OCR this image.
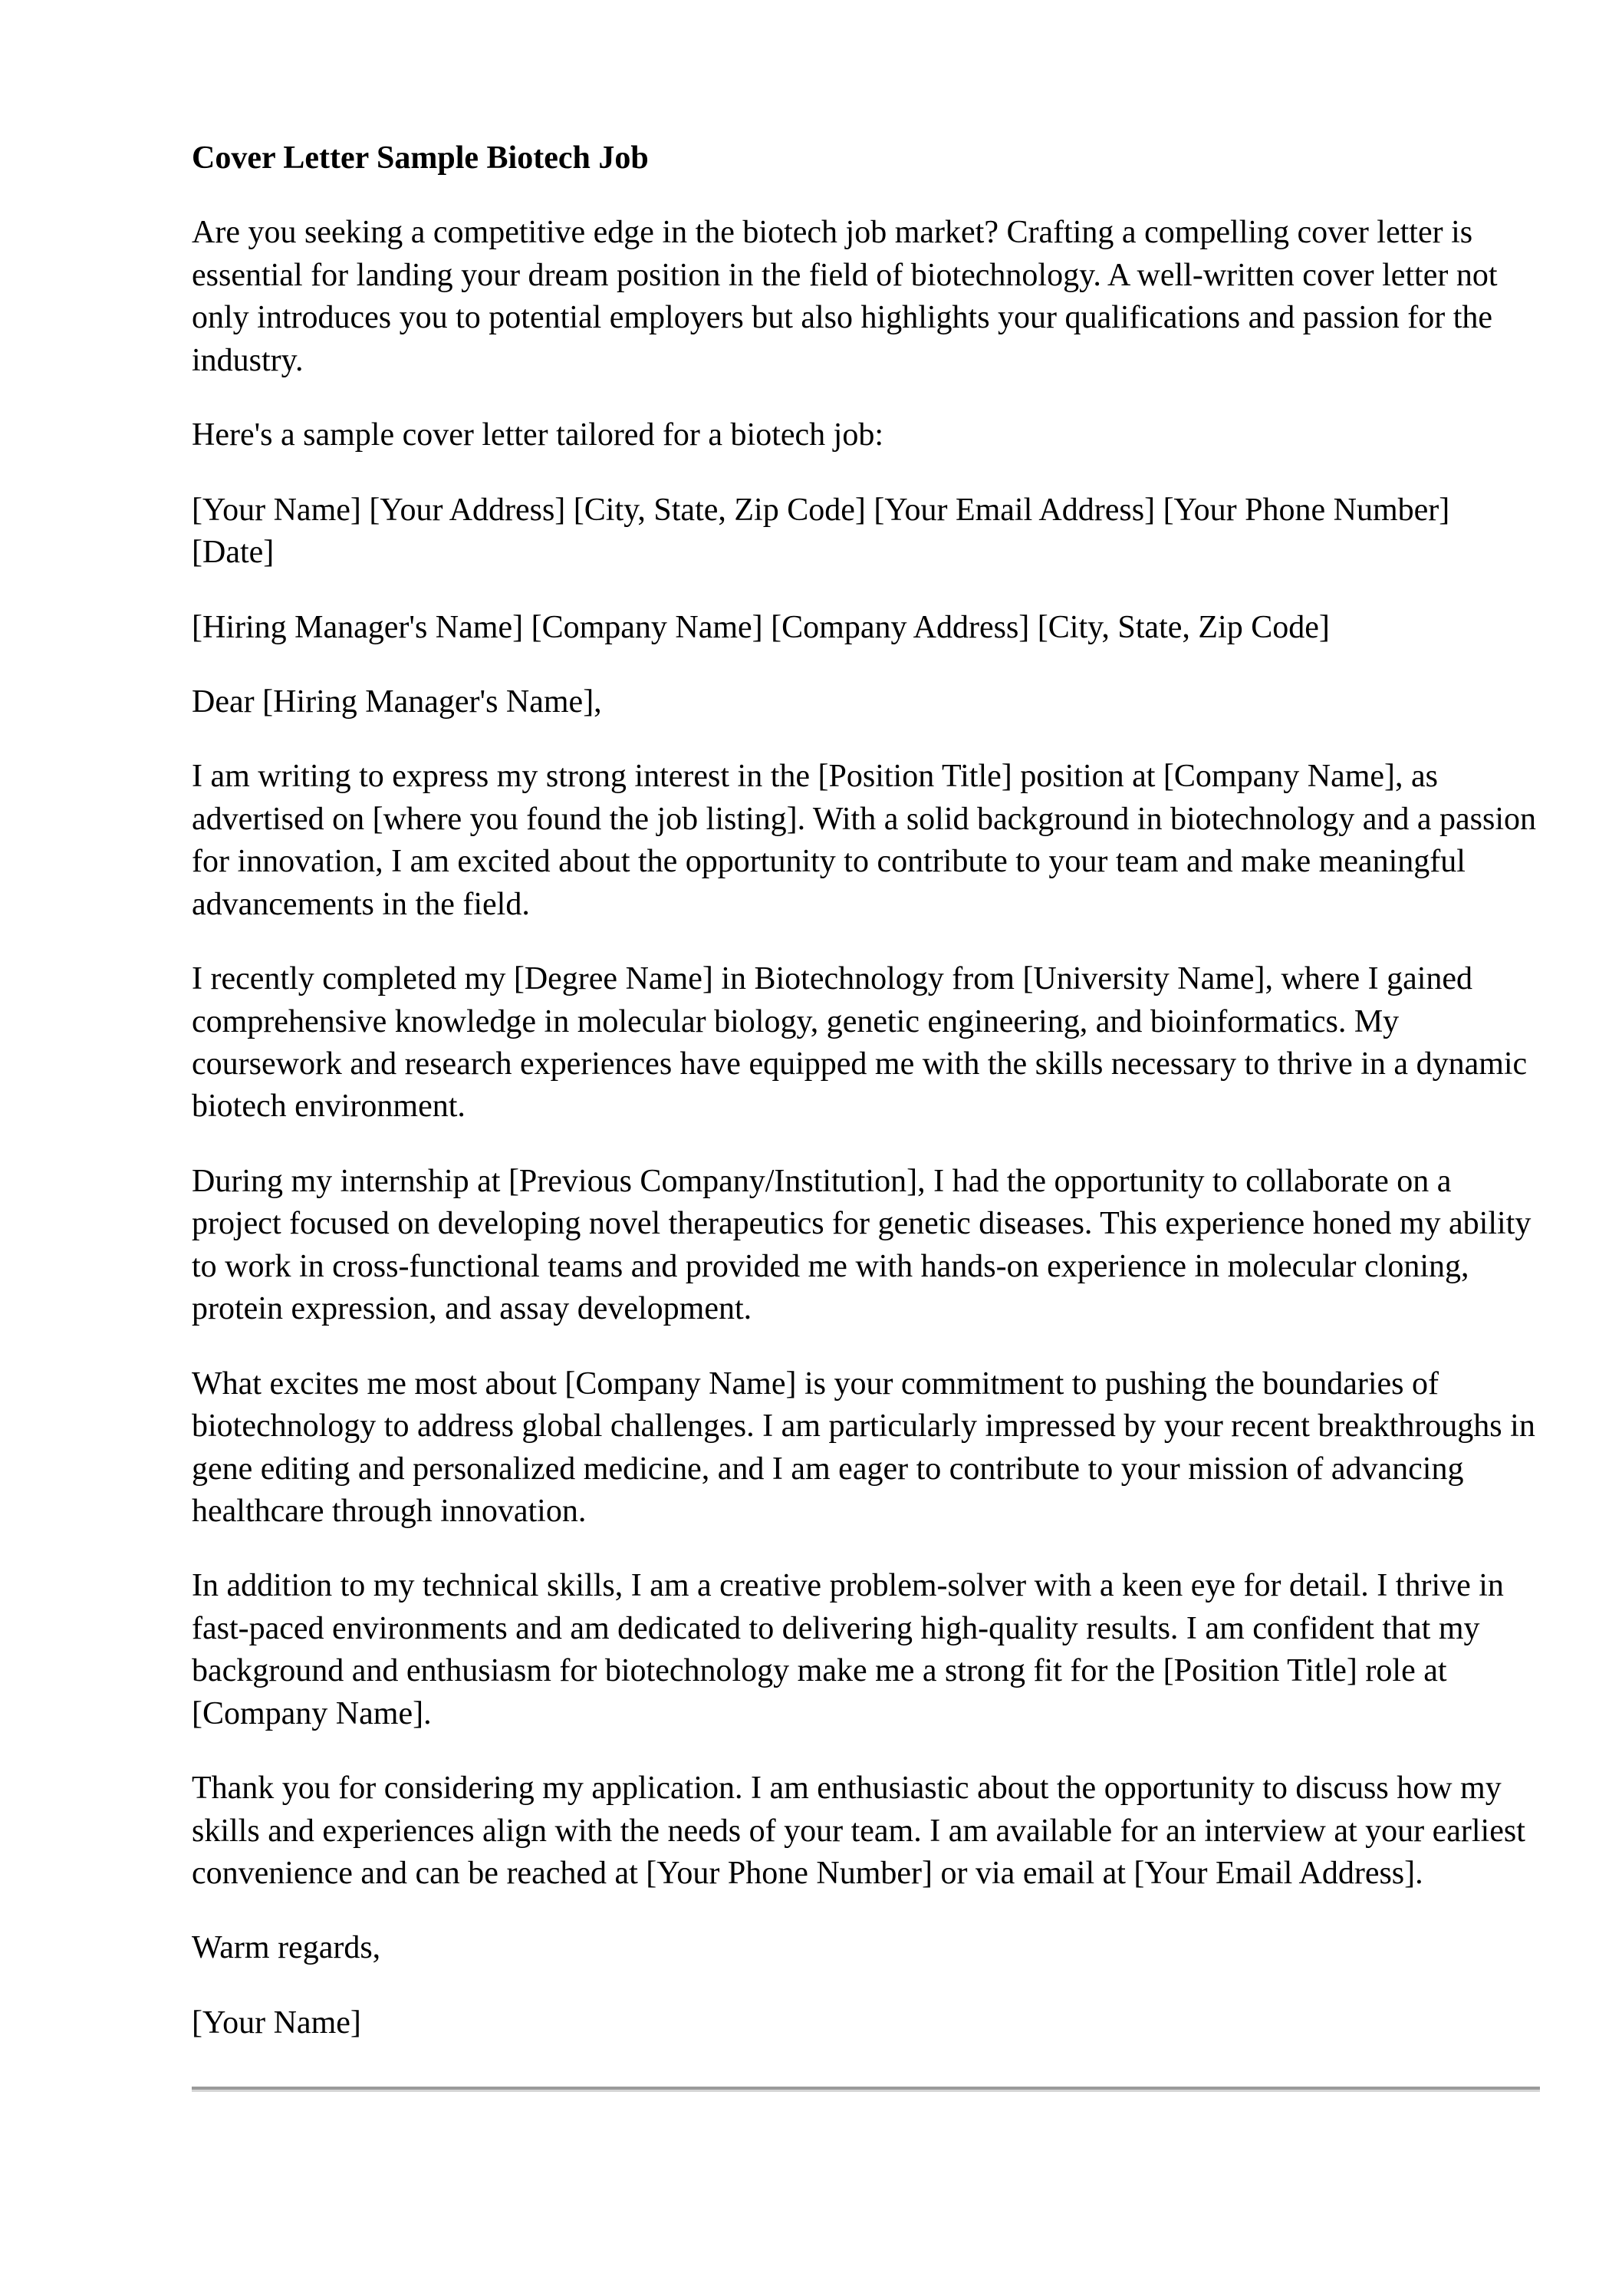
Cover Letter Sample Biotech Job

Are you seeking a competitive edge in the biotech job market? Crafting a compelling cover letter is essential for landing your dream position in the field of biotechnology. A well-written cover letter not only introduces you to potential employers but also highlights your qualifications and passion for the industry.

Here's a sample cover letter tailored for a biotech job:

[Your Name] [Your Address] [City, State, Zip Code] [Your Email Address] [Your Phone Number] [Date]

[Hiring Manager's Name] [Company Name] [Company Address] [City, State, Zip Code]

Dear [Hiring Manager's Name],

I am writing to express my strong interest in the [Position Title] position at [Company Name], as advertised on [where you found the job listing]. With a solid background in biotechnology and a passion for innovation, I am excited about the opportunity to contribute to your team and make meaningful advancements in the field.

I recently completed my [Degree Name] in Biotechnology from [University Name], where I gained comprehensive knowledge in molecular biology, genetic engineering, and bioinformatics. My coursework and research experiences have equipped me with the skills necessary to thrive in a dynamic biotech environment.

During my internship at [Previous Company/Institution], I had the opportunity to collaborate on a project focused on developing novel therapeutics for genetic diseases. This experience honed my ability to work in cross-functional teams and provided me with hands-on experience in molecular cloning, protein expression, and assay development.

What excites me most about [Company Name] is your commitment to pushing the boundaries of biotechnology to address global challenges. I am particularly impressed by your recent breakthroughs in gene editing and personalized medicine, and I am eager to contribute to your mission of advancing healthcare through innovation.

In addition to my technical skills, I am a creative problem-solver with a keen eye for detail. I thrive in fast-paced environments and am dedicated to delivering high-quality results. I am confident that my background and enthusiasm for biotechnology make me a strong fit for the [Position Title] role at [Company Name].

Thank you for considering my application. I am enthusiastic about the opportunity to discuss how my skills and experiences align with the needs of your team. I am available for an interview at your earliest convenience and can be reached at [Your Phone Number] or via email at [Your Email Address].

Warm regards,

[Your Name]
